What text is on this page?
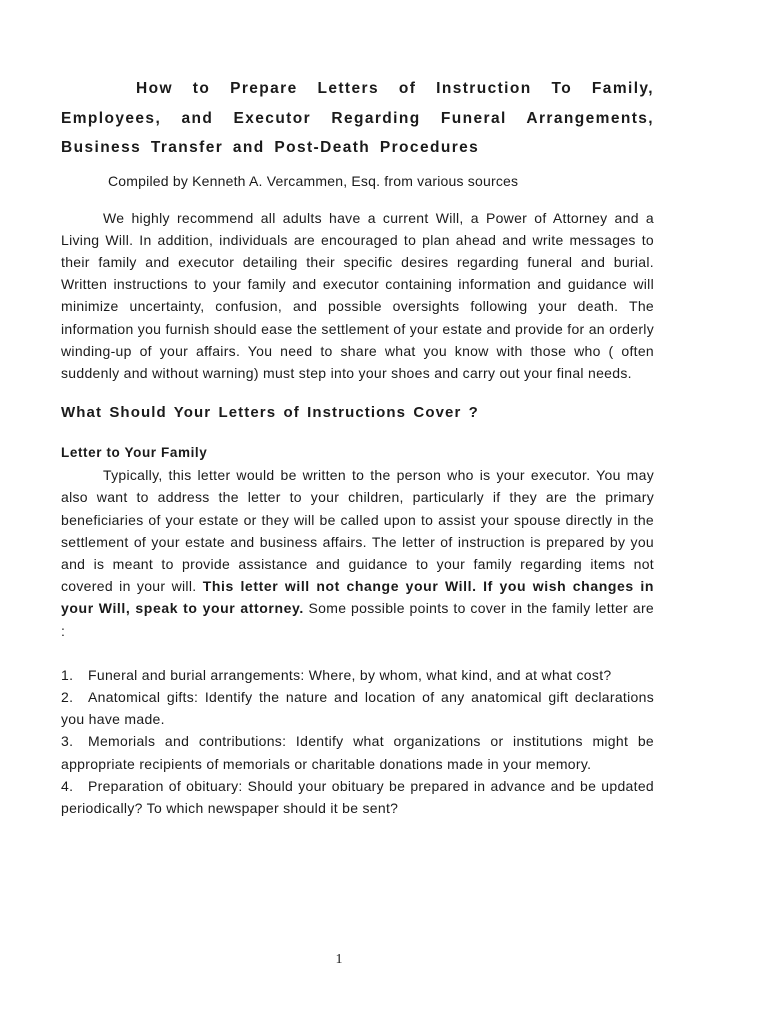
How to Prepare Letters of Instruction To Family, Employees, and Executor Regarding Funeral Arrangements, Business Transfer and Post-Death Procedures

Compiled by Kenneth A. Vercammen, Esq. from various sources

We highly recommend all adults have a current Will, a Power of Attorney and a Living Will. In addition, individuals are encouraged to plan ahead and write messages to their family and executor detailing their specific desires regarding funeral and burial. Written instructions to your family and executor containing information and guidance will minimize uncertainty, confusion, and possible oversights following your death. The information you furnish should ease the settlement of your estate and provide for an orderly winding-up of your affairs. You need to share what you know with those who ( often suddenly and without warning) must step into your shoes and carry out your final needs.

What Should Your Letters of Instructions Cover ?
Letter to Your Family

Typically, this letter would be written to the person who is your executor. You may also want to address the letter to your children, particularly if they are the primary beneficiaries of your estate or they will be called upon to assist your spouse directly in the settlement of your estate and business affairs. The letter of instruction is prepared by you and is meant to provide assistance and guidance to your family regarding items not covered in your will. This letter will not change your Will. If you wish changes in your Will, speak to your attorney. Some possible points to cover in the family letter are :

1. Funeral and burial arrangements: Where, by whom, what kind, and at what cost?
2. Anatomical gifts: Identify the nature and location of any anatomical gift declarations you have made.
3. Memorials and contributions: Identify what organizations or institutions might be appropriate recipients of memorials or charitable donations made in your memory.
4. Preparation of obituary: Should your obituary be prepared in advance and be updated periodically? To which newspaper should it be sent?
1
